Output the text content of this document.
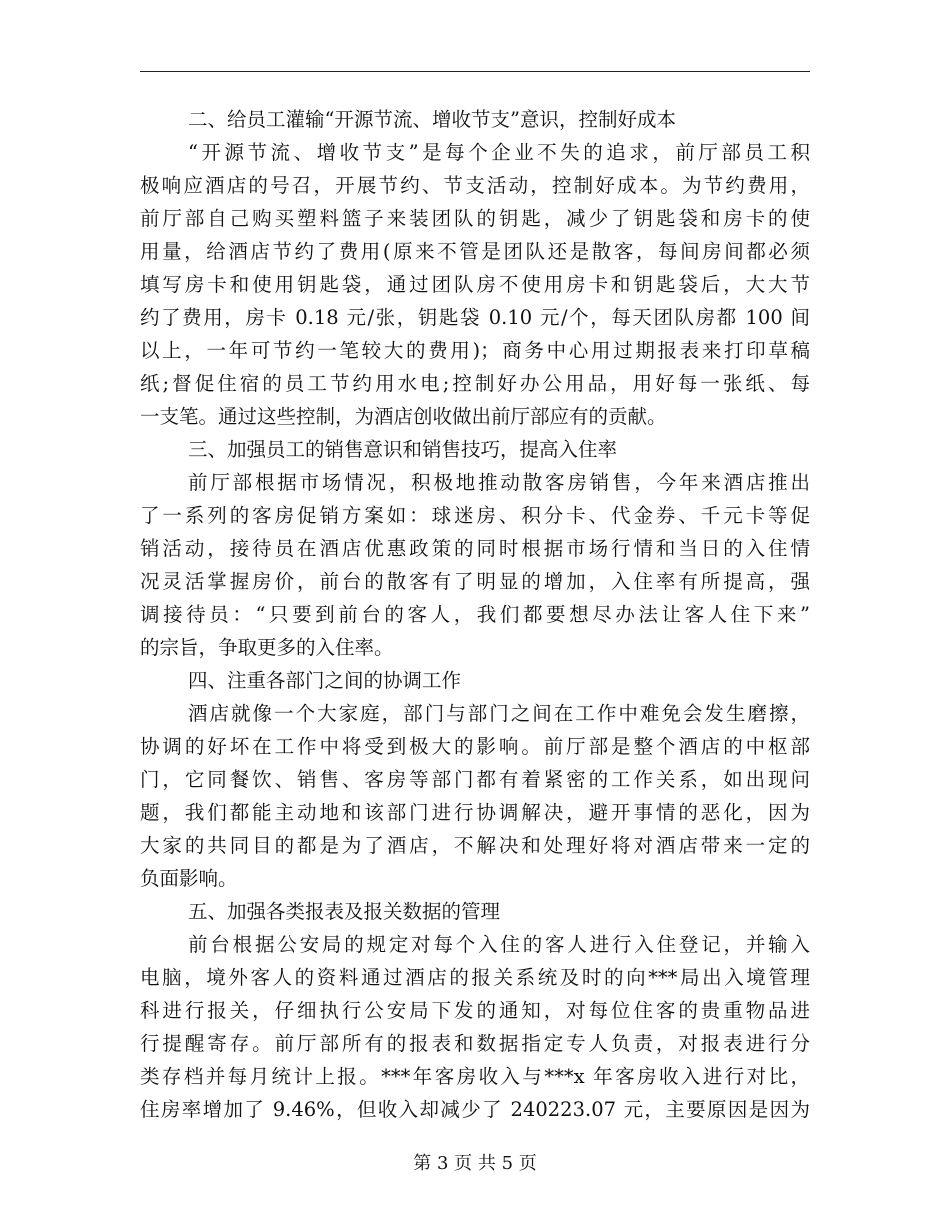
二、给员工灌输“开源节流、增收节支”意识，控制好成本
“开源节流、增收节支”是每个企业不失的追求，前厅部员工积
极响应酒店的号召，开展节约、节支活动，控制好成本。为节约费用，
前厅部自己购买塑料篮子来装团队的钥匙，减少了钥匙袋和房卡的使
用量，给酒店节约了费用(原来不管是团队还是散客，每间房间都必须
填写房卡和使用钥匙袋，通过团队房不使用房卡和钥匙袋后，大大节
约了费用，房卡 0.18 元/张，钥匙袋 0.10 元/个，每天团队房都 100 间
以上，一年可节约一笔较大的费用)；商务中心用过期报表来打印草稿
纸;督促住宿的员工节约用水电;控制好办公用品，用好每一张纸、每
一支笔。通过这些控制，为酒店创收做出前厅部应有的贡献。
三、加强员工的销售意识和销售技巧，提高入住率
前厅部根据市场情况，积极地推动散客房销售，今年来酒店推出
了一系列的客房促销方案如：球迷房、积分卡、代金券、千元卡等促
销活动，接待员在酒店优惠政策的同时根据市场行情和当日的入住情
况灵活掌握房价，前台的散客有了明显的增加，入住率有所提高，强
调接待员：“只要到前台的客人，我们都要想尽办法让客人住下来”
的宗旨，争取更多的入住率。
四、注重各部门之间的协调工作
酒店就像一个大家庭，部门与部门之间在工作中难免会发生磨擦，
协调的好坏在工作中将受到极大的影响。前厅部是整个酒店的中枢部
门，它同餐饮、销售、客房等部门都有着紧密的工作关系，如出现问
题，我们都能主动地和该部门进行协调解决，避开事情的恶化，因为
大家的共同目的都是为了酒店，不解决和处理好将对酒店带来一定的
负面影响。
五、加强各类报表及报关数据的管理
前台根据公安局的规定对每个入住的客人进行入住登记，并输入
电脑，境外客人的资料通过酒店的报关系统及时的向***局出入境管理
科进行报关，仔细执行公安局下发的通知，对每位住客的贵重物品进
行提醒寄存。前厅部所有的报表和数据指定专人负责，对报表进行分
类存档并每月统计上报。***年客房收入与***x 年客房收入进行对比，
住房率增加了 9.46%，但收入却减少了 240223.07 元，主要原因是因为
第 3 页 共 5 页
